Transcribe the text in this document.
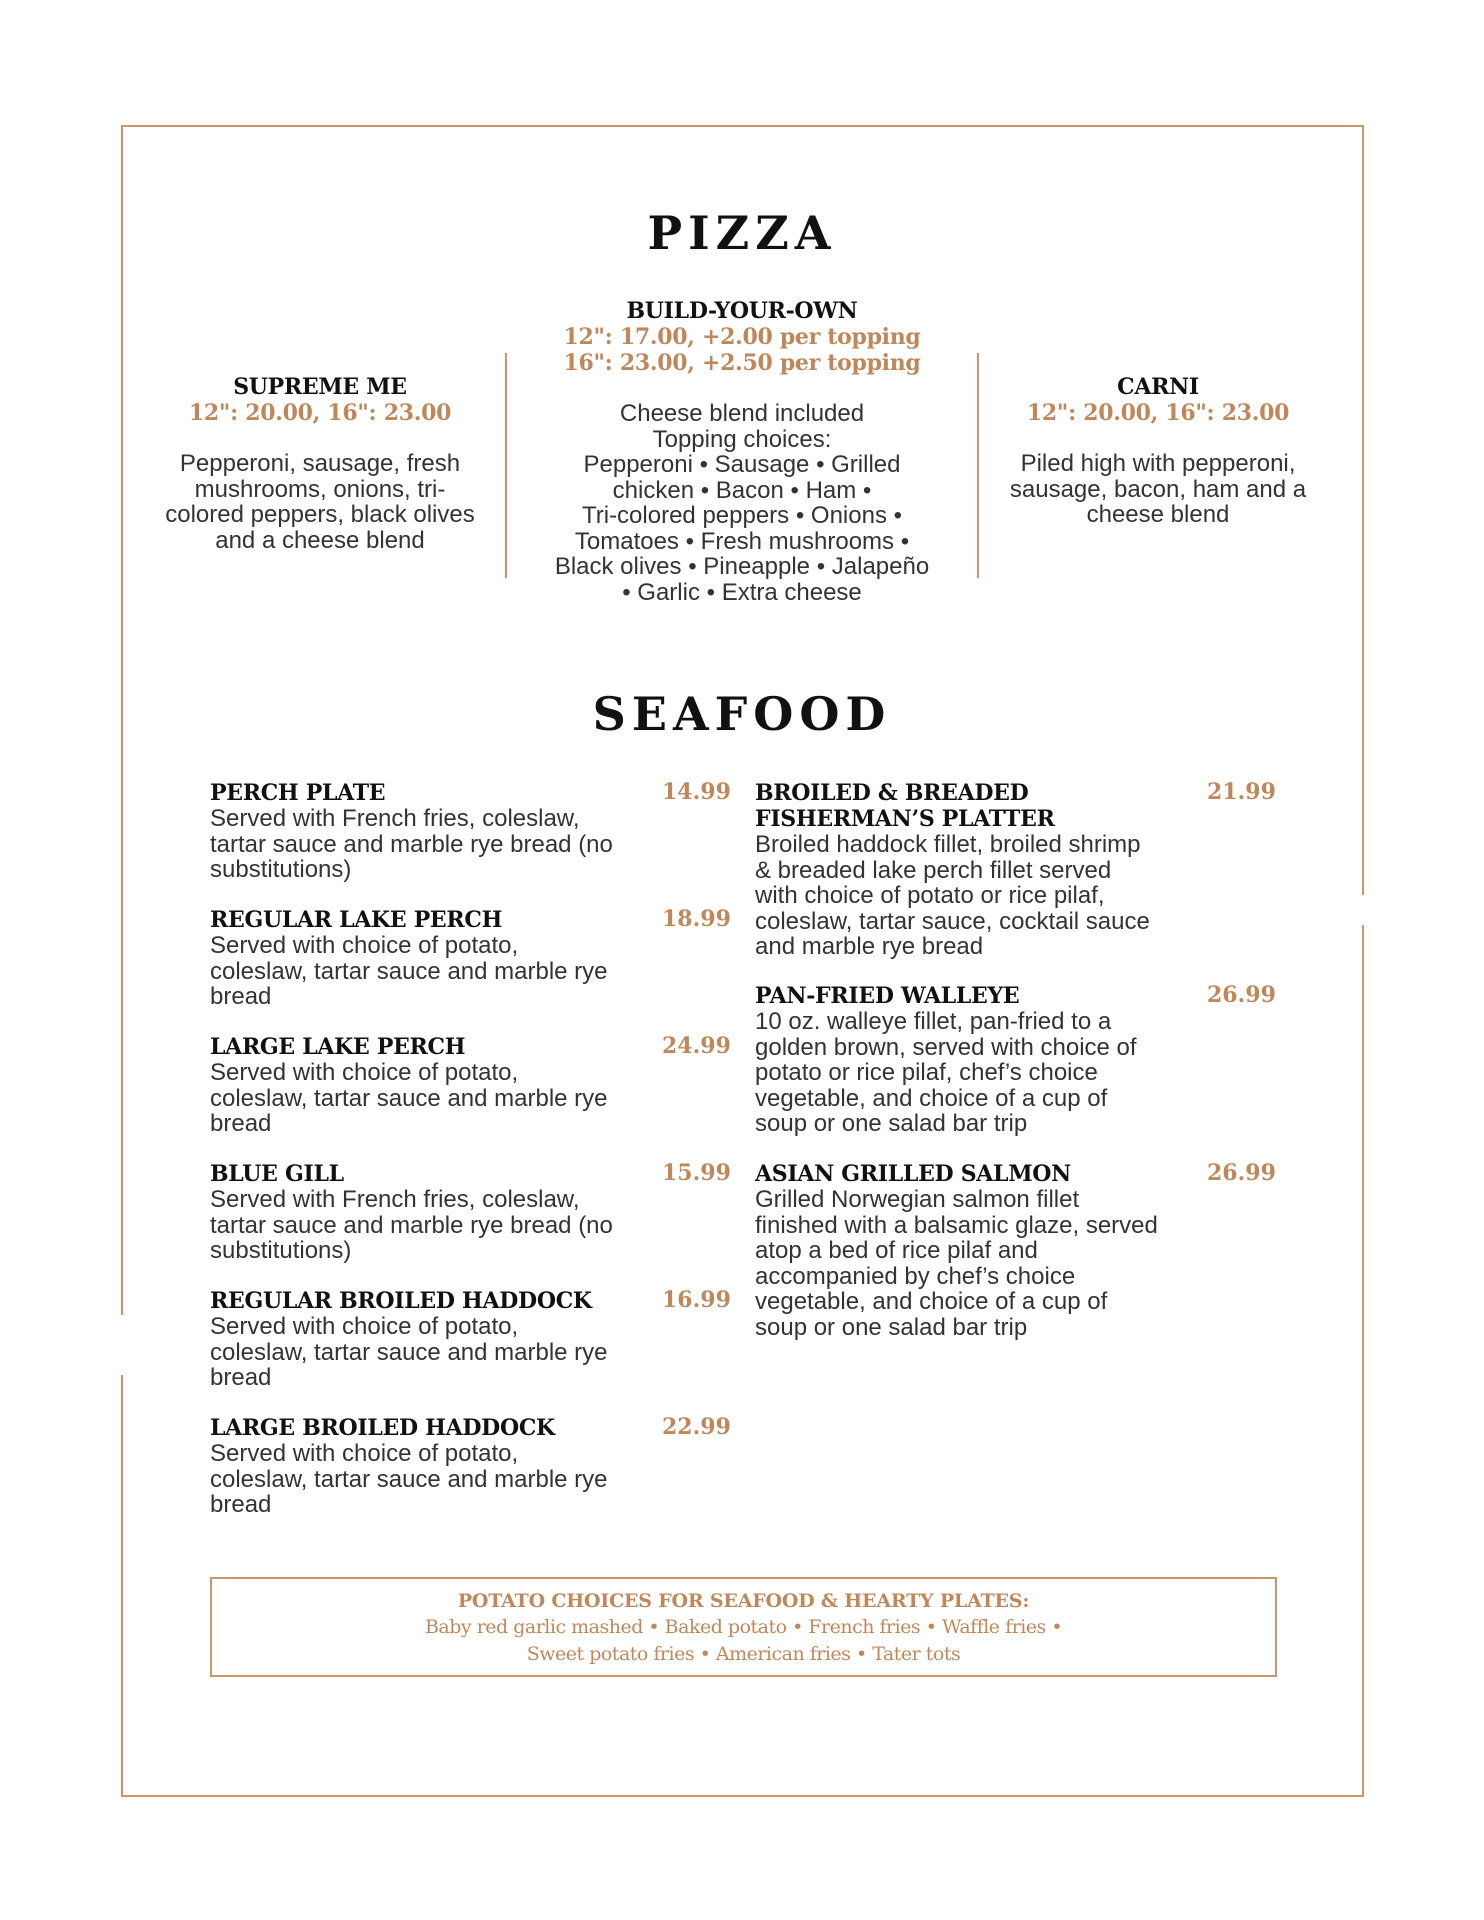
PIZZA
SUPREME ME
12": 20.00, 16": 23.00
Pepperoni, sausage, fresh
mushrooms, onions, tri-
colored peppers, black olives
and a cheese blend
BUILD-YOUR-OWN
12": 17.00, +2.00 per topping
16": 23.00, +2.50 per topping
Cheese blend included
Topping choices:
Pepperoni • Sausage • Grilled
chicken • Bacon • Ham •
Tri-colored peppers • Onions •
Tomatoes • Fresh mushrooms •
Black olives • Pineapple • Jalapeño
• Garlic • Extra cheese
CARNI
12": 20.00, 16": 23.00
Piled high with pepperoni,
sausage, bacon, ham and a
cheese blend
SEAFOOD
PERCH PLATE
Served with French fries, coleslaw,
tartar sauce and marble rye bread (no
substitutions)
14.99
REGULAR LAKE PERCH
Served with choice of potato,
coleslaw, tartar sauce and marble rye
bread
18.99
LARGE LAKE PERCH
Served with choice of potato,
coleslaw, tartar sauce and marble rye
bread
24.99
BLUE GILL
Served with French fries, coleslaw,
tartar sauce and marble rye bread (no
substitutions)
15.99
REGULAR BROILED HADDOCK
Served with choice of potato,
coleslaw, tartar sauce and marble rye
bread
16.99
LARGE BROILED HADDOCK
Served with choice of potato,
coleslaw, tartar sauce and marble rye
bread
22.99
BROILED & BREADED
FISHERMAN’S PLATTER
Broiled haddock fillet, broiled shrimp
& breaded lake perch fillet served
with choice of potato or rice pilaf,
coleslaw, tartar sauce, cocktail sauce
and marble rye bread
21.99
PAN-FRIED WALLEYE
10 oz. walleye fillet, pan-fried to a
golden brown, served with choice of
potato or rice pilaf, chef’s choice
vegetable, and choice of a cup of
soup or one salad bar trip
26.99
ASIAN GRILLED SALMON
Grilled Norwegian salmon fillet
finished with a balsamic glaze, served
atop a bed of rice pilaf and
accompanied by chef’s choice
vegetable, and choice of a cup of
soup or one salad bar trip
26.99
POTATO CHOICES FOR SEAFOOD & HEARTY PLATES:
Baby red garlic mashed • Baked potato • French fries • Waffle fries •
Sweet potato fries • American fries • Tater tots
